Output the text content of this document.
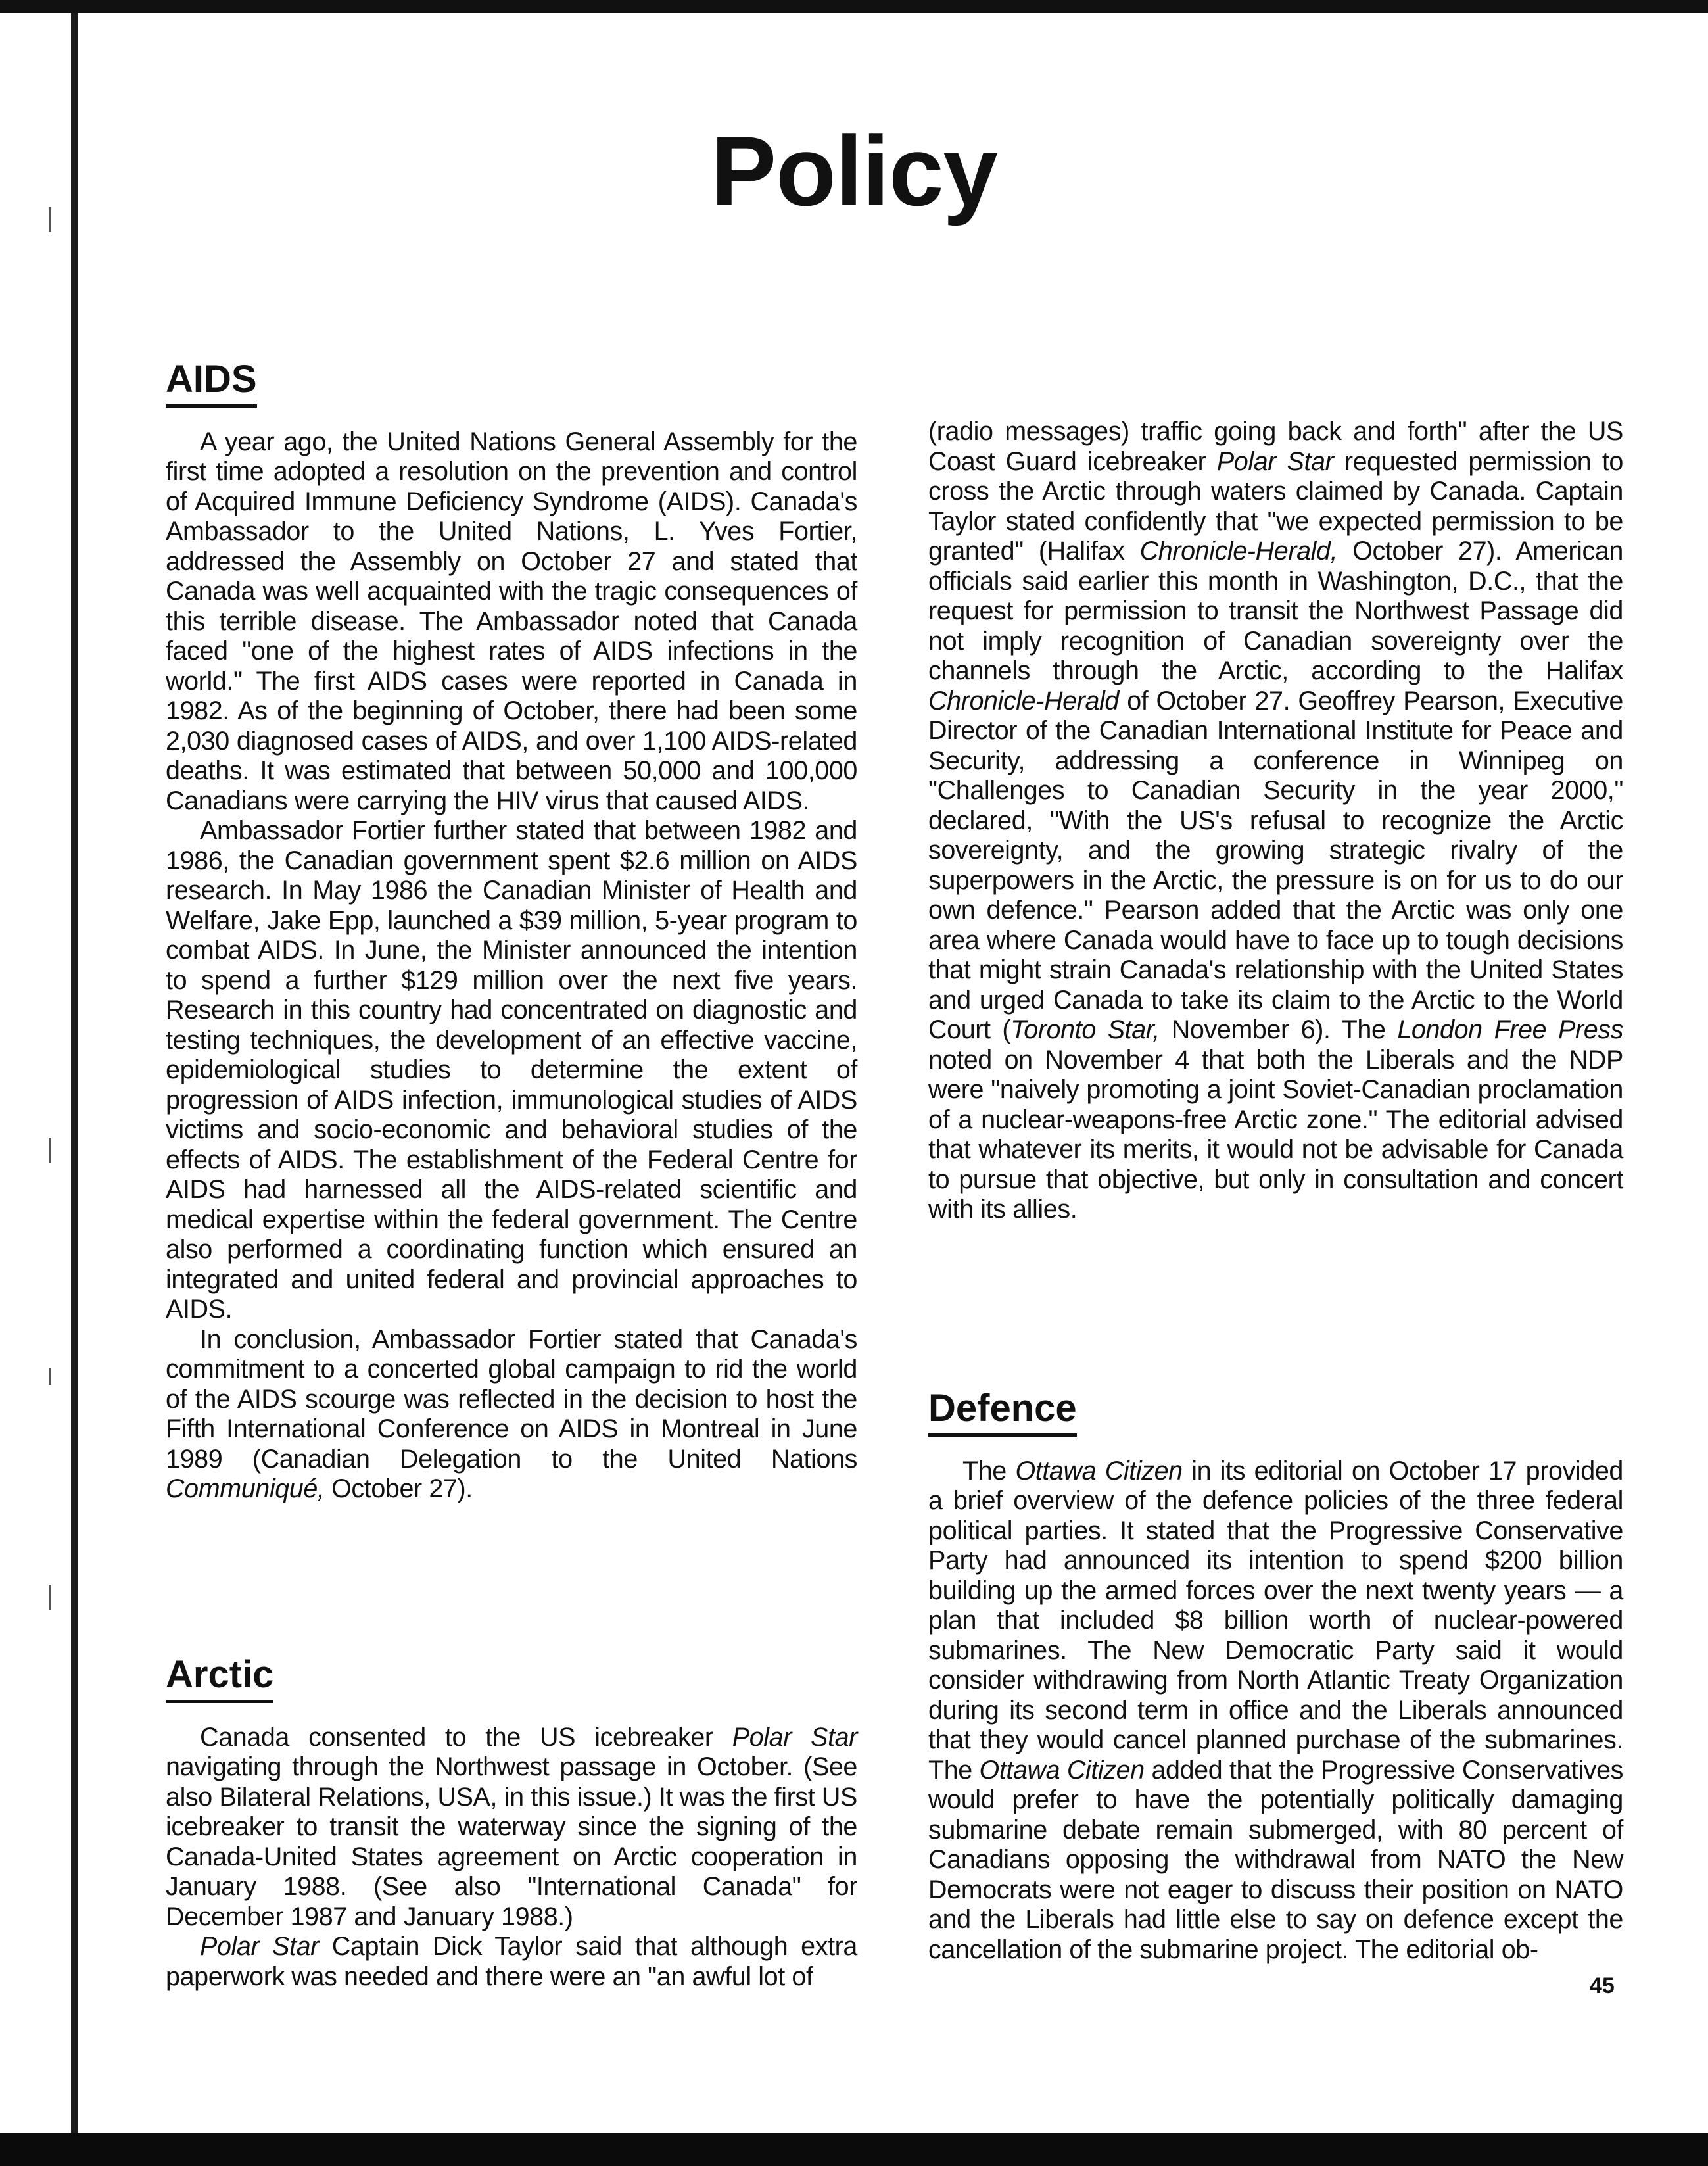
Policy
AIDS

A year ago, the United Nations General Assembly for the first time adopted a resolution on the prevention and control of Acquired Immune Deficiency Syndrome (AIDS). Canada's Ambassador to the United Nations, L. Yves Fortier, addressed the Assembly on October 27 and stated that Canada was well acquainted with the tragic consequences of this terrible disease. The Ambassador noted that Canada faced "one of the highest rates of AIDS infections in the world." The first AIDS cases were reported in Canada in 1982. As of the beginning of October, there had been some 2,030 diagnosed cases of AIDS, and over 1,100 AIDS-related deaths. It was estimated that between 50,000 and 100,000 Canadians were carrying the HIV virus that caused AIDS.

Ambassador Fortier further stated that between 1982 and 1986, the Canadian government spent $2.6 million on AIDS research. In May 1986 the Canadian Minister of Health and Welfare, Jake Epp, launched a $39 million, 5-year program to combat AIDS. In June, the Minister announced the intention to spend a further $129 million over the next five years. Research in this country had concentrated on diagnostic and testing techniques, the development of an effective vaccine, epidemiological studies to determine the extent of progression of AIDS infection, immunological studies of AIDS victims and socio-economic and behavioral studies of the effects of AIDS. The establishment of the Federal Centre for AIDS had harnessed all the AIDS-related scientific and medical expertise within the federal government. The Centre also performed a coordinating function which ensured an integrated and united federal and provincial approaches to AIDS.

In conclusion, Ambassador Fortier stated that Canada's commitment to a concerted global campaign to rid the world of the AIDS scourge was reflected in the decision to host the Fifth International Conference on AIDS in Montreal in June 1989 (Canadian Delegation to the United Nations Communiqué, October 27).

Arctic

Canada consented to the US icebreaker Polar Star navigating through the Northwest passage in October. (See also Bilateral Relations, USA, in this issue.) It was the first US icebreaker to transit the waterway since the signing of the Canada-United States agreement on Arctic cooperation in January 1988. (See also "International Canada" for December 1987 and January 1988.)

Polar Star Captain Dick Taylor said that although extra paperwork was needed and there were an "an awful lot of

(radio messages) traffic going back and forth" after the US Coast Guard icebreaker Polar Star requested permission to cross the Arctic through waters claimed by Canada. Captain Taylor stated confidently that "we expected permission to be granted" (Halifax Chronicle-Herald, October 27). American officials said earlier this month in Washington, D.C., that the request for permission to transit the Northwest Passage did not imply recognition of Canadian sovereignty over the channels through the Arctic, according to the Halifax Chronicle-Herald of October 27. Geoffrey Pearson, Executive Director of the Canadian International Institute for Peace and Security, addressing a conference in Winnipeg on "Challenges to Canadian Security in the year 2000," declared, "With the US's refusal to recognize the Arctic sovereignty, and the growing strategic rivalry of the superpowers in the Arctic, the pressure is on for us to do our own defence." Pearson added that the Arctic was only one area where Canada would have to face up to tough decisions that might strain Canada's relationship with the United States and urged Canada to take its claim to the Arctic to the World Court (Toronto Star, November 6). The London Free Press noted on November 4 that both the Liberals and the NDP were "naively promoting a joint Soviet-Canadian proclamation of a nuclear-weapons-free Arctic zone." The editorial advised that whatever its merits, it would not be advisable for Canada to pursue that objective, but only in consultation and concert with its allies.

Defence

The Ottawa Citizen in its editorial on October 17 provided a brief overview of the defence policies of the three federal political parties. It stated that the Progressive Conservative Party had announced its intention to spend $200 billion building up the armed forces over the next twenty years — a plan that included $8 billion worth of nuclear-powered submarines. The New Democratic Party said it would consider withdrawing from North Atlantic Treaty Organization during its second term in office and the Liberals announced that they would cancel planned purchase of the submarines. The Ottawa Citizen added that the Progressive Conservatives would prefer to have the potentially politically damaging submarine debate remain submerged, with 80 percent of Canadians opposing the withdrawal from NATO the New Democrats were not eager to discuss their position on NATO and the Liberals had little else to say on defence except the cancellation of the submarine project. The editorial ob-

45
